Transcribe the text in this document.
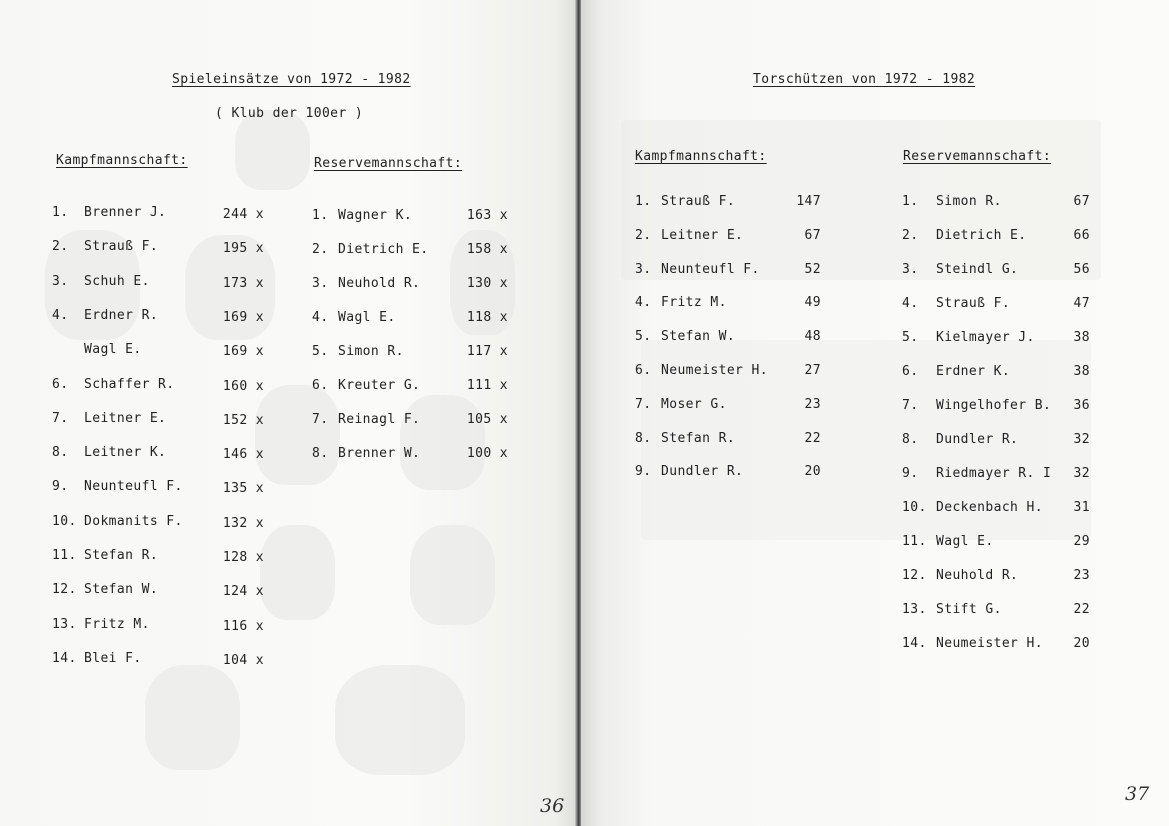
Spieleinsätze von 1972 - 1982
( Klub der 100er )
Kampfmannschaft:	Reservemannschaft:
1. Brenner J.	244 x
2. Strauß F.	195 x
3. Schuh E.	173 x
4. Erdner R.	169 x
Wagl E.	169 x
6. Schaffer R.	160 x
7. Leitner E.	152 x
8. Leitner K.	146 x
9. Neunteufl F.	135 x
10. Dokmanits F.	132 x
11. Stefan R.	128 x
12. Stefan W.	124 x
13. Fritz M.	116 x
14. Blei F.	104 x
1. Wagner K.	163 x
2. Dietrich E.	158 x
3. Neuhold R.	130 x
4. Wagl E.	118 x
5. Simon R.	117 x
6. Kreuter G.	111 x
7. Reinagl F.	105 x
8. Brenner W.	100 x
36
Torschützen von 1972 - 1982
Kampfmannschaft:	Reservemannschaft:
1. Strauß F.	147
2. Leitner E.	67
3. Neunteufl F.	52
4. Fritz M.	49
5. Stefan W.	48
6. Neumeister H.	27
7. Moser G.	23
8. Stefan R.	22
9. Dundler R.	20
1. Simon R.	67
2. Dietrich E.	66
3. Steindl G.	56
4. Strauß F.	47
5. Kielmayer J.	38
6. Erdner K.	38
7. Wingelhofer B. 36
8. Dundler R.	32
9. Riedmayer R. I 32
10. Deckenbach H. 31
11. Wagl E.	29
12. Neuhold R.	23
13. Stift G.	22
14. Neumeister H. 20
37
